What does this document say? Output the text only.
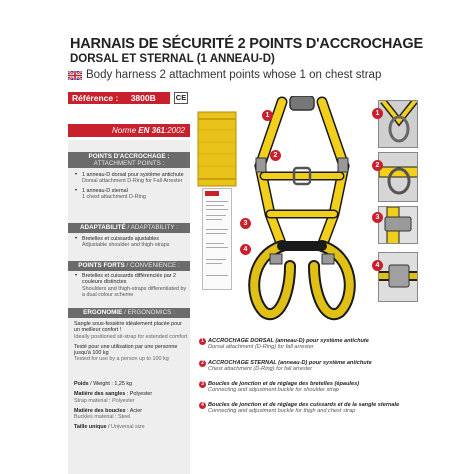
HARNAIS DE SÉCURITÉ 2 POINTS D'ACCROCHAGE
DORSAL ET STERNAL (1 ANNEAU-D)
Body harness 2 attachment points whose 1 on chest strap
Référence : 3800B	CE
Norme EN 361:2002
POINTS D'ACCROCHAGE :
ATTACHMENT POINTS :
• 1 anneau-D dorsal pour système antichute
Dorsal attachment D-Ring for Fall Arrester
• 1 anneau-D sternal
1 chest attachment D-Ring
ADAPTABILITÉ / ADAPTABILITY :
• Bretelles et cuissards ajustables
Adjustable shoulder and thigh-straps
POINTS FORTS / CONVENIENCE :
• Bretelles et cuissards différenciés par 2 couleurs distinctes
Shoulders and thigh-straps differentiated by a dual colour scheme
ERGONOMIE / ERGONOMICS :
Sangle sous-fessière idéalement placée pour un meilleur confort !
Ideally positioned sit-strap for extended comfort
Testé pour une utilisation par une personne jusqu'à 100 kg
Tested for use by a person up to 100 kg
Poids / Weight : 1,25 kg
Matière des sangles : Polyester
Strap material : Polyester
Matière des boucles : Acier
Buckles material : Steel
Taille unique / Universal size
1
2
3
4
1
2
3
4
1 ACCROCHAGE DORSAL (anneau-D) pour système antichute
Dorsal attachment (D-Ring) for fall arrester
2 ACCROCHAGE STERNAL (anneau-D) pour système antichute
Chest attachment (D-Ring) for fall arrester
3 Boucles de jonction et de réglage des bretelles (épaules)
Connecting and adjustment buckle for shoulder strap
4 Boucles de jonction et de réglage des cuissards et de la sangle sternale
Connecting and adjustment buckle for thigh and chest strap
